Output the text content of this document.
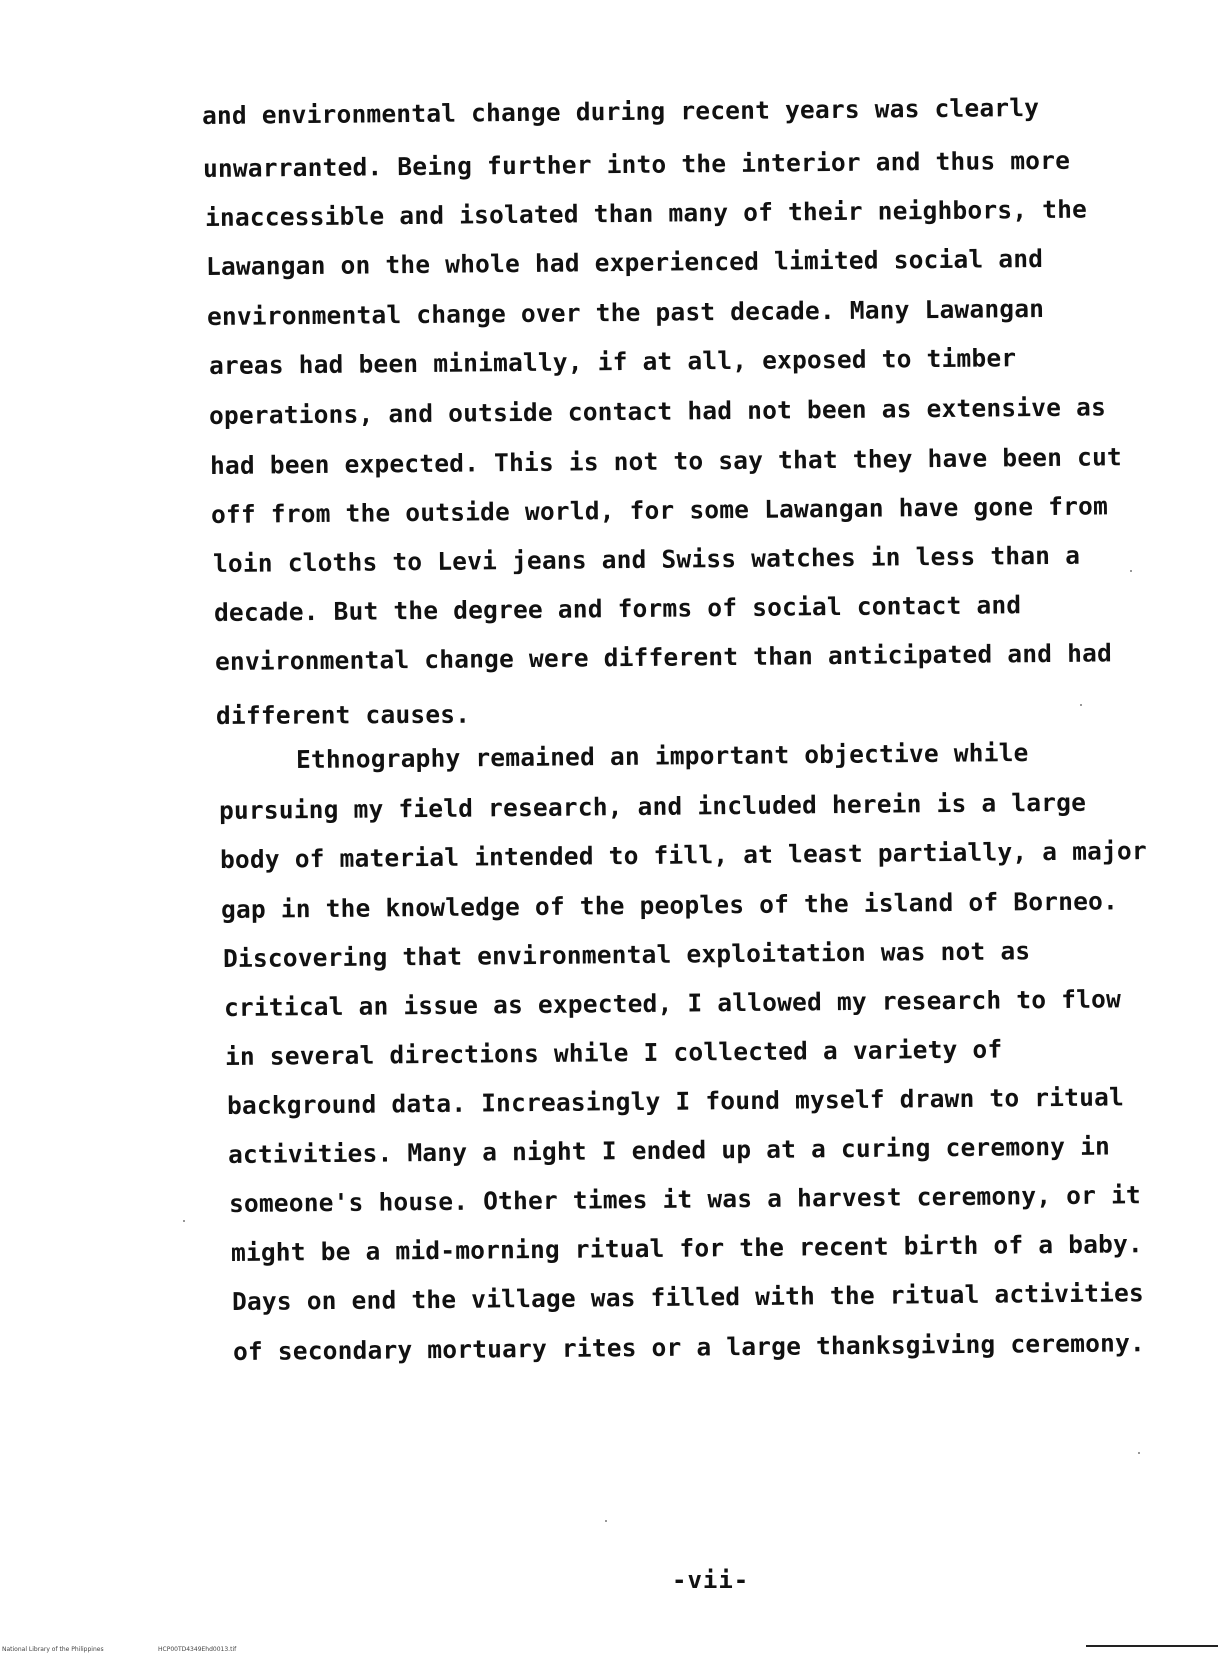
and environmental change during recent years was clearly
unwarranted. Being further into the interior and thus more
inaccessible and isolated than many of their neighbors, the
Lawangan on the whole had experienced limited social and
environmental change over the past decade. Many Lawangan
areas had been minimally, if at all, exposed to timber
operations, and outside contact had not been as extensive as
had been expected. This is not to say that they have been cut
off from the outside world, for some Lawangan have gone from
loin cloths to Levi jeans and Swiss watches in less than a
decade. But the degree and forms of social contact and
environmental change were different than anticipated and had
different causes.
Ethnography remained an important objective while
pursuing my field research, and included herein is a large
body of material intended to fill, at least partially, a major
gap in the knowledge of the peoples of the island of Borneo.
Discovering that environmental exploitation was not as
critical an issue as expected, I allowed my research to flow
in several directions while I collected a variety of
background data. Increasingly I found myself drawn to ritual
activities. Many a night I ended up at a curing ceremony in
someone's house. Other times it was a harvest ceremony, or it
might be a mid-morning ritual for the recent birth of a baby.
Days on end the village was filled with the ritual activities
of secondary mortuary rites or a large thanksgiving ceremony.
-vii-
National Library of the Philippines	HCP00TD4349Ehd0013.tif
